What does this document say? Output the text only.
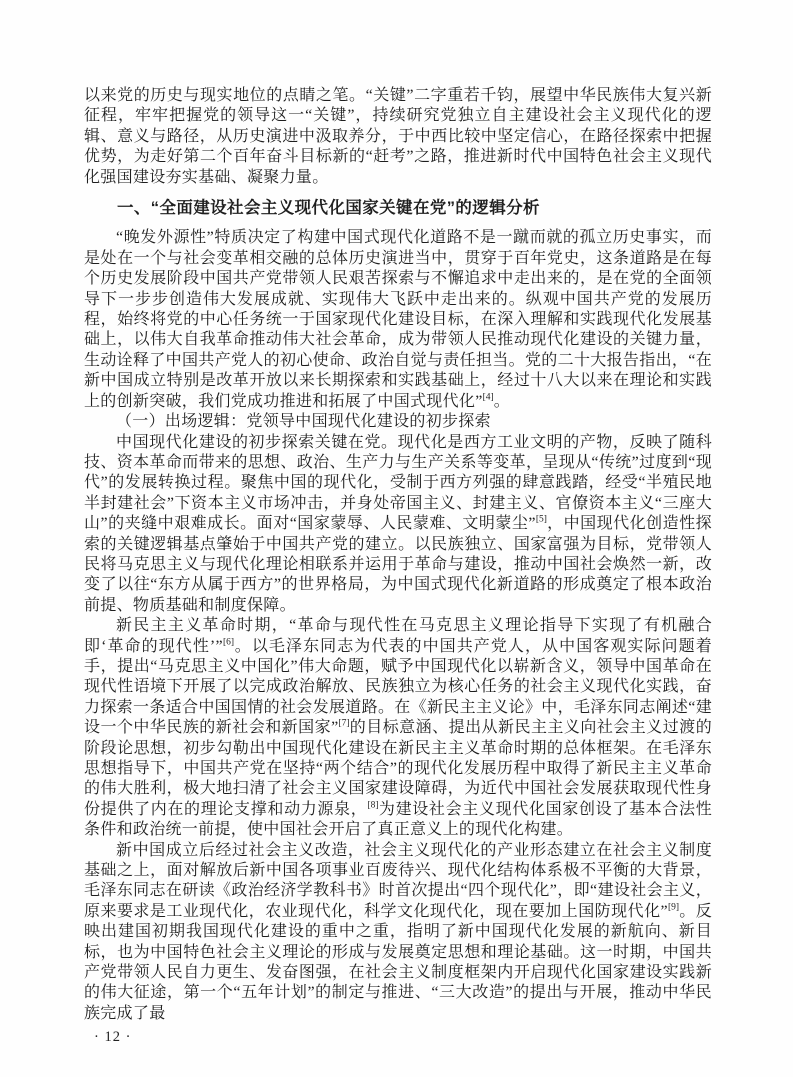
以来党的历史与现实地位的点睛之笔。“关键”二字重若千钧，展望中华民族伟大复兴新征程，牢牢把握党的领导这一“关键”，持续研究党独立自主建设社会主义现代化的逻辑、意义与路径，从历史演进中汲取养分，于中西比较中坚定信心，在路径探索中把握优势，为走好第二个百年奋斗目标新的“赶考”之路，推进新时代中国特色社会主义现代化强国建设夯实基础、凝聚力量。

一、“全面建设社会主义现代化国家关键在党”的逻辑分析

“晚发外源性”特质决定了构建中国式现代化道路不是一蹴而就的孤立历史事实，而是处在一个与社会变革相交融的总体历史演进当中，贯穿于百年党史，这条道路是在每个历史发展阶段中国共产党带领人民艰苦探索与不懈追求中走出来的，是在党的全面领导下一步步创造伟大发展成就、实现伟大飞跃中走出来的。纵观中国共产党的发展历程，始终将党的中心任务统一于国家现代化建设目标，在深入理解和实践现代化发展基础上，以伟大自我革命推动伟大社会革命，成为带领人民推动现代化建设的关键力量，生动诠释了中国共产党人的初心使命、政治自觉与责任担当。党的二十大报告指出，“在新中国成立特别是改革开放以来长期探索和实践基础上，经过十八大以来在理论和实践上的创新突破，我们党成功推进和拓展了中国式现代化”[4]。

（一）出场逻辑：党领导中国现代化建设的初步探索

中国现代化建设的初步探索关键在党。现代化是西方工业文明的产物，反映了随科技、资本革命而带来的思想、政治、生产力与生产关系等变革，呈现从“传统”过度到“现代”的发展转换过程。聚焦中国的现代化，受制于西方列强的肆意践踏，经受“半殖民地半封建社会”下资本主义市场冲击，并身处帝国主义、封建主义、官僚资本主义“三座大山”的夹缝中艰难成长。面对“国家蒙辱、人民蒙难、文明蒙尘”[5]，中国现代化创造性探索的关键逻辑基点肇始于中国共产党的建立。以民族独立、国家富强为目标，党带领人民将马克思主义与现代化理论相联系并运用于革命与建设，推动中国社会焕然一新，改变了以往“东方从属于西方”的世界格局，为中国式现代化新道路的形成奠定了根本政治前提、物质基础和制度保障。

新民主主义革命时期，“革命与现代性在马克思主义理论指导下实现了有机融合即‘革命的现代性’”[6]。以毛泽东同志为代表的中国共产党人，从中国客观实际问题着手，提出“马克思主义中国化”伟大命题，赋予中国现代化以崭新含义，领导中国革命在现代性语境下开展了以完成政治解放、民族独立为核心任务的社会主义现代化实践，奋力探索一条适合中国国情的社会发展道路。在《新民主主义论》中，毛泽东同志阐述“建设一个中华民族的新社会和新国家”[7]的目标意涵、提出从新民主主义向社会主义过渡的阶段论思想，初步勾勒出中国现代化建设在新民主主义革命时期的总体框架。在毛泽东思想指导下，中国共产党在坚持“两个结合”的现代化发展历程中取得了新民主主义革命的伟大胜利，极大地扫清了社会主义国家建设障碍，为近代中国社会发展获取现代性身份提供了内在的理论支撑和动力源泉，[8]为建设社会主义现代化国家创设了基本合法性条件和政治统一前提，使中国社会开启了真正意义上的现代化构建。

新中国成立后经过社会主义改造，社会主义现代化的产业形态建立在社会主义制度基础之上，面对解放后新中国各项事业百废待兴、现代化结构体系极不平衡的大背景，毛泽东同志在研读《政治经济学教科书》时首次提出“四个现代化”，即“建设社会主义，原来要求是工业现代化，农业现代化，科学文化现代化，现在要加上国防现代化”[9]。反映出建国初期我国现代化建设的重中之重，指明了新中国现代化发展的新航向、新目标，也为中国特色社会主义理论的形成与发展奠定思想和理论基础。这一时期，中国共产党带领人民自力更生、发奋图强，在社会主义制度框架内开启现代化国家建设实践新的伟大征途，第一个“五年计划”的制定与推进、“三大改造”的提出与开展，推动中华民族完成了最

· 12 ·
